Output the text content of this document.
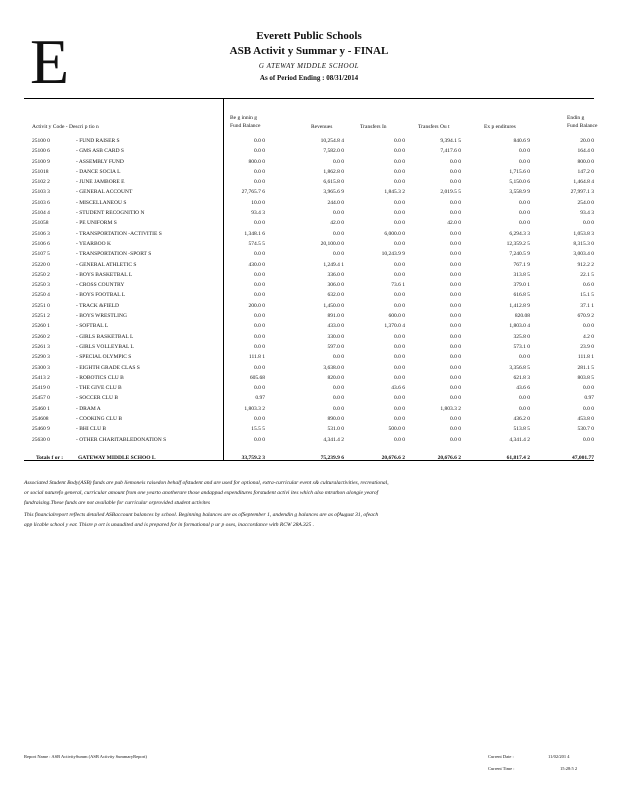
E	Everett Public Schools
ASB Activit y Summar y - FINAL
G ATEWAY MIDDLE SCHOOL
As of Period Ending : 08/31/2014
Activit y Code - Descri p tio n
Be g innin g
Fund Balance	Revenues	Transfers In	Transfers Ou t	Ex p enditures
Endin g
Fund Balance
25100 0	- FUND RAISER S	0.0 0	10,254.8 4	0.0 0	9,394.1 5	840.6 9	20.0 0
25100 6	- GMS ASB CARD S	0.0 0	7,582.0 0	0.0 0	7,417.6 0	0.0 0	164.4 0
25100 9	- ASSEMBLY FUND	800.0 0	0.0 0	0.0 0	0.0 0	0.0 0	800.0 0
251018	- DANCE SOCIA L	0.0 0	1,862.8 0	0.0 0	0.0 0	1,715.6 0	147.2 0
25102 2	- JUNE JAMBORE E	0.0 0	6,615.8 0	0.0 0	0.0 0	5,150.0 6	1,464.8 4
25103 3	- GENERAL ACCOUNT	27,765.7 6	3,965.6 9	1,845.3 2	2,019.5 5	3,558.9 9	27,997.1 3
25103 6	- MISCELLANEOU S	10.0 0	244.0 0	0.0 0	0.0 0	0.0 0	254.0 0
25104 4	- STUDENT RECOGNITIO N	93.4 3	0.0 0	0.0 0	0.0 0	0.0 0	93.4 3
251058	- PE UNIFORM S	0.0 0	42.0 0	0.0 0	42.0 0	0.0 0	0.0 0
25106 3	- TRANSPORTATION -ACTIVITIE S	1,348.1 6	0.0 0	6,000.0 0	0.0 0	6,294.3 3	1,053.8 3
25106 6	- YEARBOO K	574.5 5	20,100.0 0	0.0 0	0.0 0	12,359.2 5	8,315.3 0
25107 5	- TRANSPORTATION -SPORT S	0.0 0	0.0 0	10,243.9 9	0.0 0	7,240.5 9	3,003.4 0
25220 0	- GENERAL ATHLETIC S	430.0 0	1,249.4 1	0.0 0	0.0 0	767.1 9	912.2 2
25250 2	- BOYS BASKETBAL L	0.0 0	336.0 0	0.0 0	0.0 0	313.8 5	22.1 5
25250 3	- CROSS COUNTRY	0.0 0	306.0 0	73.6 1	0.0 0	379.0 1	0.6 0
25250 4	- BOYS FOOTBAL L	0.0 0	632.0 0	0.0 0	0.0 0	616.8 5	15.1 5
25251 0	- TRACK &FIELD	200.0 0	1,450.0 0	0.0 0	0.0 0	1,412.8 9	37.1 1
25251 2	- BOYS WRESTLING	0.0 0	891.0 0	600.0 0	0.0 0	820.08	670.9 2
25260 1	- SOFTBAL L	0.0 0	433.0 0	1,370.0 4	0.0 0	1,803.0 4	0.0 0
25260 2	- GIRLS BASKETBAL L	0.0 0	330.0 0	0.0 0	0.0 0	325.8 0	4.2 0
25261 3	- GIRLS VOLLEYBAL L	0.0 0	597.0 0	0.0 0	0.0 0	573.1 0	23.9 0
25290 3	- SPECIAL OLYMPIC S	111.8 1	0.0 0	0.0 0	0.0 0	0.0 0	111.8 1
25300 3	- EIGHTH GRADE CLAS S	0.0 0	3,638.0 0	0.0 0	0.0 0	3,356.8 5	281.1 5
25413 2	- ROBOTICS CLU B	605.68	820.0 0	0.0 0	0.0 0	621.8 3	803.8 5
25419 0	- THE GIVE CLU B	0.0 0	0.0 0	43.6 6	0.0 0	43.6 6	0.0 0
25457 0	- SOCCER CLU B	0.97	0.0 0	0.0 0	0.0 0	0.0 0	0.97
25460 1	- DRAM A	1,803.3 2	0.0 0	0.0 0	1,803.3 2	0.0 0	0.0 0
254608	- COOKING CLU B	0.0 0	890.0 0	0.0 0	0.0 0	436.2 0	453.8 0
25460 9	- BHI CLU B	15.5 5	531.0 0	500.0 0	0.0 0	513.8 5	530.7 0
25630 0	- OTHER CHARITABLEDONATION S	0.0 0	4,341.4 2	0.0 0	0.0 0	4,341.4 2	0.0 0
Totals f or :	GATEWAY MIDDLE SCHOO L	33,759.2 3	75,239.9 6	20,676.6 2	20,676.6 2	61,817.4 2	47,001.77
Associated Student Body(ASB) funds are pub liemoneis raisedon behalf ofstudent and are used for optional, extra-curricular event s& culturalactivities, recreational,
or social naturefo general, curricular amount from one yearto anotherare those andappud expenditures forstudent activi ites which also mtrathon alongie yearof
fundraising.These funds are not available for curricular orprovided student activites
This financialreport reflects detailed ASBaccount balances by school. Beginning balances are as ofSeptember 1, andendin g balances are as ofAugust 31, ofeach
app licable school y ear. Thisre p ort is unaudited and is prepared for in formational p ur p oses, inaccordance with RCW 28A.325 .
Report Name : ASB ActivitySumm (ASB Activity SummaryReport)	Current Date :	11/02/201 4
Current Time :	15:28:5 2
